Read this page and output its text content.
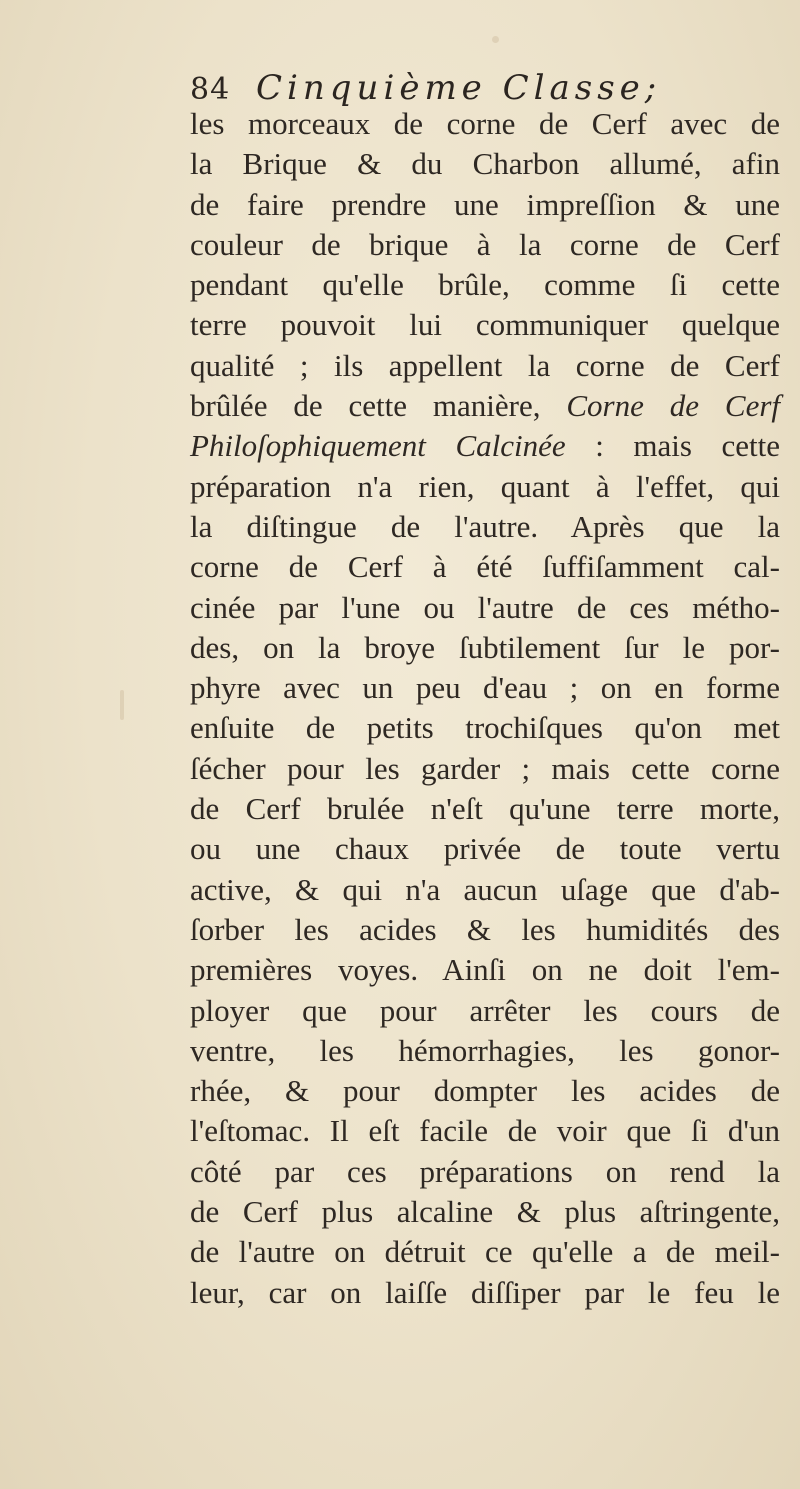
84 Cinquième Classe;
les morceaux de corne de Cerf avec de
la Brique & du Charbon allumé, afin
de faire prendre une impreſſion & une
couleur de brique à la corne de Cerf
pendant qu'elle brûle, comme ſi cette
terre pouvoit lui communiquer quelque
qualité ; ils appellent la corne de Cerf
brûlée de cette manière, Corne de Cerf
Philoſophiquement Calcinée : mais cette
préparation n'a rien, quant à l'effet, qui
la diſtingue de l'autre. Après que la
corne de Cerf à été ſuffiſamment cal-
cinée par l'une ou l'autre de ces métho-
des, on la broye ſubtilement ſur le por-
phyre avec un peu d'eau ; on en forme
enſuite de petits trochiſques qu'on met
ſécher pour les garder ; mais cette corne
de Cerf brulée n'eſt qu'une terre morte,
ou une chaux privée de toute vertu
active, & qui n'a aucun uſage que d'ab-
ſorber les acides & les humidités des
premières voyes. Ainſi on ne doit l'em-
ployer que pour arrêter les cours de
ventre, les hémorrhagies, les gonor-
rhée, & pour dompter les acides de
l'eſtomac. Il eſt facile de voir que ſi d'un
côté par ces préparations on rend la
de Cerf plus alcaline & plus aſtringente,
de l'autre on détruit ce qu'elle a de meil-
leur, car on laiſſe diſſiper par le feu le
